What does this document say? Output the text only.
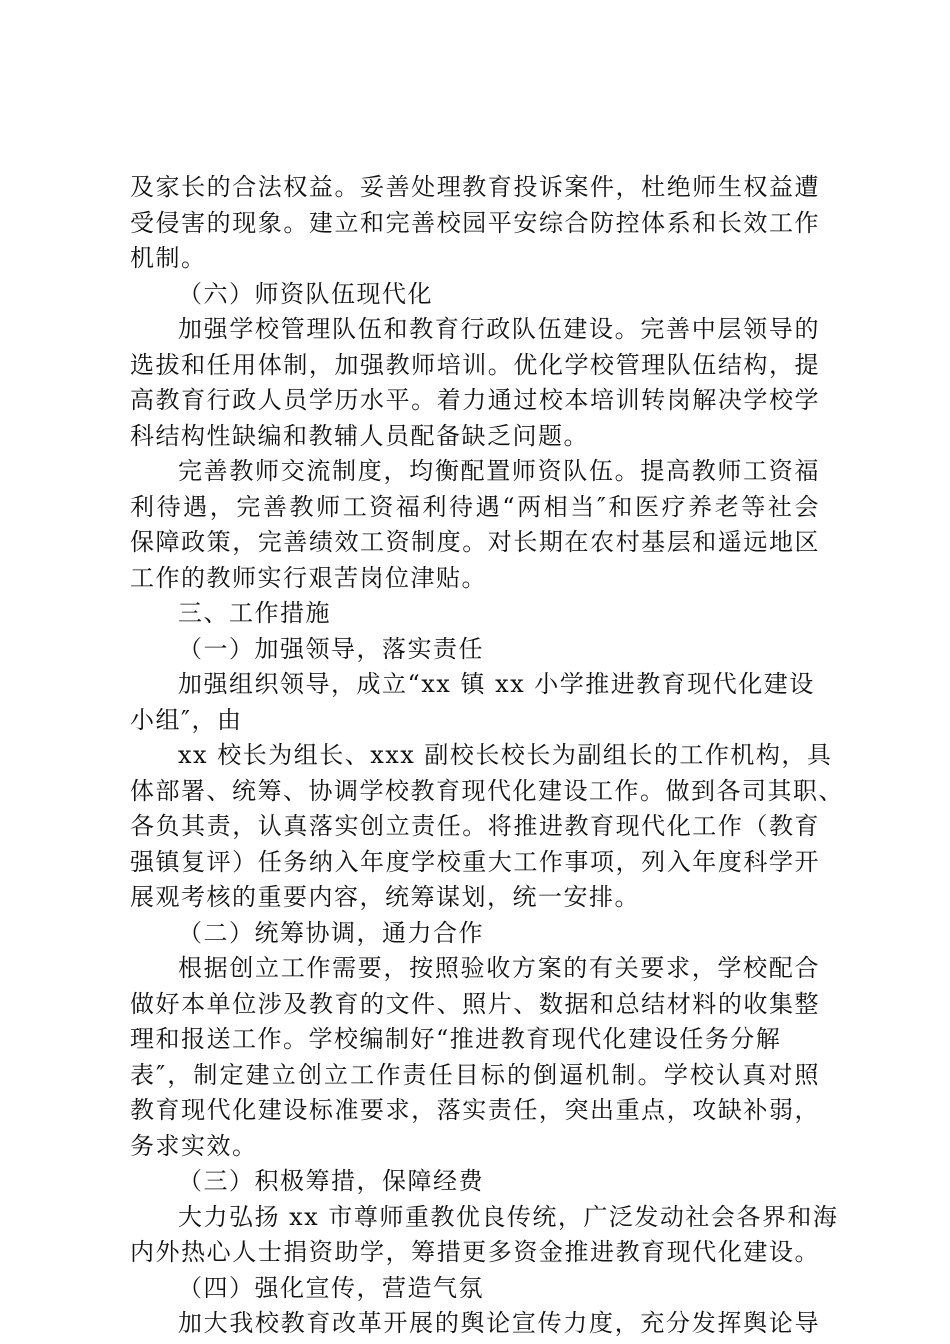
及家长的合法权益。妥善处理教育投诉案件，杜绝师生权益遭
受侵害的现象。建立和完善校园平安综合防控体系和长效工作
机制。
（六）师资队伍现代化
加强学校管理队伍和教育行政队伍建设。完善中层领导的
选拔和任用体制，加强教师培训。优化学校管理队伍结构，提
高教育行政人员学历水平。着力通过校本培训转岗解决学校学
科结构性缺编和教辅人员配备缺乏问题。
完善教师交流制度，均衡配置师资队伍。提高教师工资福
利待遇，完善教师工资福利待遇“两相当″和医疗养老等社会
保障政策，完善绩效工资制度。对长期在农村基层和遥远地区
工作的教师实行艰苦岗位津贴。
三、工作措施
（一）加强领导，落实责任
加强组织领导，成立“xx 镇 xx 小学推进教育现代化建设
小组″，由
xx 校长为组长、xxx 副校长校长为副组长的工作机构，具
体部署、统筹、协调学校教育现代化建设工作。做到各司其职、
各负其责，认真落实创立责任。将推进教育现代化工作（教育
强镇复评）任务纳入年度学校重大工作事项，列入年度科学开
展观考核的重要内容，统筹谋划，统一安排。
（二）统筹协调，通力合作
根据创立工作需要，按照验收方案的有关要求，学校配合
做好本单位涉及教育的文件、照片、数据和总结材料的收集整
理和报送工作。学校编制好“推进教育现代化建设任务分解
表″，制定建立创立工作责任目标的倒逼机制。学校认真对照
教育现代化建设标准要求，落实责任，突出重点，攻缺补弱，
务求实效。
（三）积极筹措，保障经费
大力弘扬 xx 市尊师重教优良传统，广泛发动社会各界和海
内外热心人士捐资助学，筹措更多资金推进教育现代化建设。
（四）强化宣传，营造气氛
加大我校教育改革开展的舆论宣传力度，充分发挥舆论导
